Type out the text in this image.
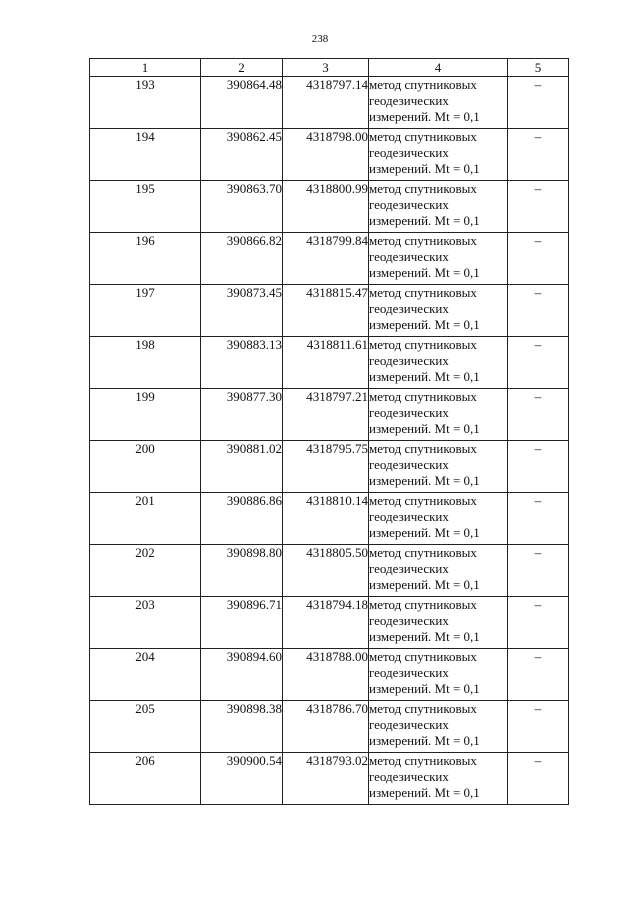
238
1	2	3	4	5
193	390864.48	4318797.14	метод спутниковых
геодезических
измерений. Mt = 0,1	–
194	390862.45	4318798.00	метод спутниковых
геодезических
измерений. Mt = 0,1	–
195	390863.70	4318800.99	метод спутниковых
геодезических
измерений. Mt = 0,1	–
196	390866.82	4318799.84	метод спутниковых
геодезических
измерений. Mt = 0,1	–
197	390873.45	4318815.47	метод спутниковых
геодезических
измерений. Mt = 0,1	–
198	390883.13	4318811.61	метод спутниковых
геодезических
измерений. Mt = 0,1	–
199	390877.30	4318797.21	метод спутниковых
геодезических
измерений. Mt = 0,1	–
200	390881.02	4318795.75	метод спутниковых
геодезических
измерений. Mt = 0,1	–
201	390886.86	4318810.14	метод спутниковых
геодезических
измерений. Mt = 0,1	–
202	390898.80	4318805.50	метод спутниковых
геодезических
измерений. Mt = 0,1	–
203	390896.71	4318794.18	метод спутниковых
геодезических
измерений. Mt = 0,1	–
204	390894.60	4318788.00	метод спутниковых
геодезических
измерений. Mt = 0,1	–
205	390898.38	4318786.70	метод спутниковых
геодезических
измерений. Mt = 0,1	–
206	390900.54	4318793.02	метод спутниковых
геодезических
измерений. Mt = 0,1	–
